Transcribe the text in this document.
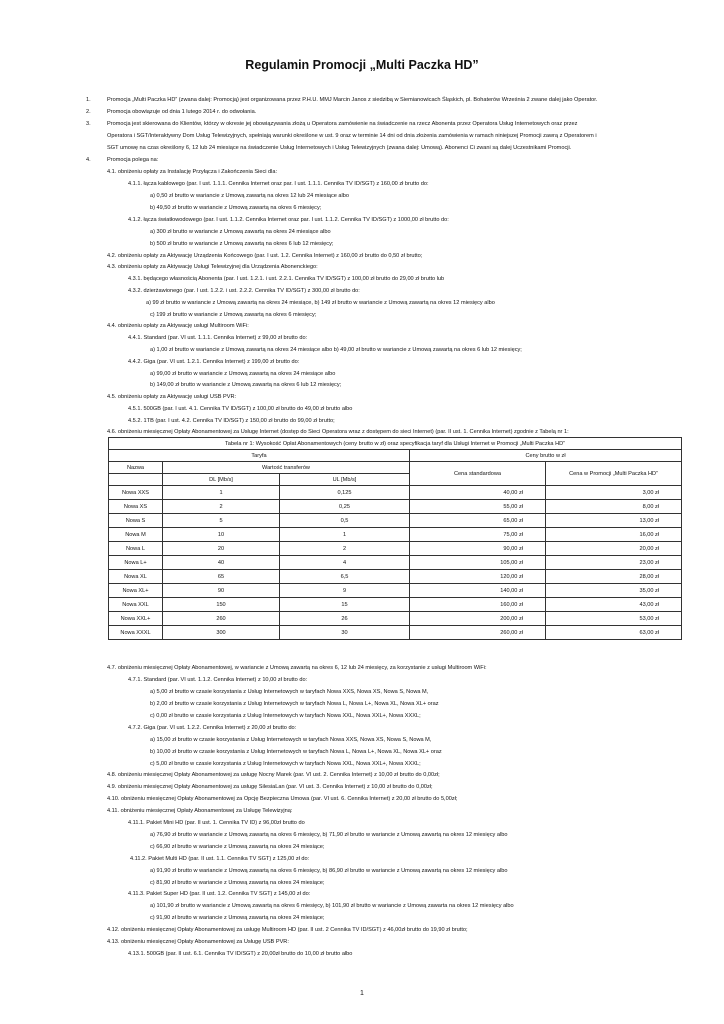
Regulamin Promocji „Multi Paczka HD”
1.	Promocja „Multi Paczka HD” (zwana dalej: Promocją) jest organizowana przez P.H.U. MMJ Marcin Janos z siedzibą w Siemianowicach Śląskich, pl. Bohaterów Września 2 zwane dalej jako Operator.
2.	Promocja obowiązuje od dnia 1 lutego 2014 r. do odwołania.
3.	Promocja jest skierowana do Klientów, którzy w okresie jej obowiązywania złożą u Operatora zamówienie na świadczenie na rzecz Abonenta przez Operatora Usług Internetowych oraz przez
Operatora i SGT/Interaktywny Dom Usług Telewizyjnych, spełniają warunki określone w ust. 9 oraz w terminie 14 dni od dnia złożenia zamówienia w ramach niniejszej Promocji zawrą z Operatorem i
SGT umowę na czas określony 6, 12 lub 24 miesiące na świadczenie Usług Internetowych i Usług Telewizyjnych (zwana dalej: Umową). Abonenci Ci zwani są dalej Uczestnikami Promocji.
4.	Promocja polega na:
4.1. obniżeniu opłaty za Instalację Przyłącza i Zakończenia Sieci dla:
4.1.1. łącza kablowego (par. I ust. 1.1.1. Cennika Internet oraz par. I ust. 1.1.1. Cennika TV ID/SGT) z 160,00 zł brutto do:
a) 0,50 zł brutto w wariancie z Umową zawartą na okres 12 lub 24 miesiące albo
b) 49,50 zł brutto w wariancie z Umową zawartą na okres 6 miesięcy;
4.1.2. łącza światłowodowego (par. I ust. 1.1.2. Cennika Internet oraz par. I ust. 1.1.2. Cennika TV ID/SGT) z 1000,00 zł brutto do:
a) 300 zł brutto w wariancie z Umową zawartą na okres 24 miesiące albo
b) 500 zł brutto w wariancie z Umową zawartą na okres 6 lub 12 miesięcy;
4.2. obniżeniu opłaty za Aktywację Urządzenia Końcowego (par. I ust. 1.2. Cennika Internet) z 160,00 zł brutto do 0,50 zł brutto;
4.3. obniżeniu opłaty za Aktywację Usługi Telewizyjnej dla Urządzenia Abonenckiego:
4.3.1. będącego własnością Abonenta (par. I ust. 1.2.1. i ust. 2.2.1. Cennika TV ID/SGT) z 100,00 zł brutto do 29,00 zł brutto lub
4.3.2. dzierżawionego (par. I ust. 1.2.2. i ust. 2.2.2. Cennika TV ID/SGT) z 300,00 zł brutto do:
a) 99 zł brutto w wariancie z Umową zawartą na okres 24 miesiące, b) 149 zł brutto w wariancie z Umową zawartą na okres 12 miesięcy albo
c) 199 zł brutto w wariancie z Umową zawartą na okres 6 miesięcy;
4.4. obniżeniu opłaty za Aktywację usługi Multiroom WiFi:
4.4.1. Standard (par. VI ust. 1.1.1. Cennika Internet) z 99,00 zł brutto do:
a) 1,00 zł brutto w wariancie z Umową zawartą na okres 24 miesiące albo b) 49,00 zł brutto w wariancie z Umową zawartą na okres 6 lub 12 miesięcy;
4.4.2. Giga (par. VI ust. 1.2.1. Cennika Internet) z 199,00 zł brutto do:
a) 99,00 zł brutto w wariancie z Umową zawartą na okres 24 miesiące albo
b) 149,00 zł brutto w wariancie z Umową zawartą na okres 6 lub 12 miesięcy;
4.5. obniżeniu opłaty za Aktywację usługi USB PVR:
4.5.1. 500GB (par. I ust. 4.1. Cennika TV ID/SGT) z 100,00 zł brutto do 49,00 zł brutto albo
4.5.2. 1TB (par. I ust. 4.2. Cennika TV ID/SGT) z 150,00 zł brutto do 99,00 zł brutto;
4.6. obniżeniu miesięcznej Opłaty Abonamentowej za Usługę Internet (dostęp do Sieci Operatora wraz z dostępem do sieci Internet) (par. II ust. 1. Cennika Internet) zgodnie z Tabelą nr 1:
Tabela nr 1: Wysokość Opłat Abonamentowych (ceny brutto w zł) oraz specyfikacja taryf dla Usługi Internet w Promocji „Multi Paczka HD”				
Taryfa			Ceny brutto w zł	
Nazwa	Wartość transferów		Cena standardowa	Cena w Promocji „Multi Paczka HD”
	DL [Mb/s]	UL [Mb/s]		

Nowa XXS	1	0,125	40,00 zł	3,00 zł
Nowa XS	2	0,25	55,00 zł	8,00 zł
Nowa S	5	0,5	65,00 zł	13,00 zł
Nowa M	10	1	75,00 zł	16,00 zł
Nowa L	20	2	90,00 zł	20,00 zł
Nowa L+	40	4	105,00 zł	23,00 zł
Nowa XL	65	6,5	120,00 zł	28,00 zł
Nowa XL+	90	9	140,00 zł	35,00 zł
Nowa XXL	150	15	160,00 zł	43,00 zł
Nowa XXL+	260	26	200,00 zł	53,00 zł
Nowa XXXL	300	30	260,00 zł	63,00 zł
4.7. obniżeniu miesięcznej Opłaty Abonamentowej, w wariancie z Umową zawartą na okres 6, 12 lub 24 miesięcy, za korzystanie z usługi Multiroom WiFi:
4.7.1. Standard (par. VI ust. 1.1.2. Cennika Internet) z 10,00 zł brutto do:
a) 5,00 zł brutto w czasie korzystania z Usług Internetowych w taryfach Nowa XXS, Nowa XS, Nowa S, Nowa M,
b) 2,00 zł brutto w czasie korzystania z Usług Internetowych w taryfach Nowa L, Nowa L+, Nowa XL, Nowa XL+ oraz
c) 0,00 zł brutto w czasie korzystania z Usług Internetowych w taryfach Nowa XXL, Nowa XXL+, Nowa XXXL;
4.7.2. Giga (par. VI ust. 1.2.2. Cennika Internet) z 20,00 zł brutto do:
a) 15,00 zł brutto w czasie korzystania z Usług Internetowych w taryfach Nowa XXS, Nowa XS, Nowa S, Nowa M,
b) 10,00 zł brutto w czasie korzystania z Usług Internetowych w taryfach Nowa L, Nowa L+, Nowa XL, Nowa XL+ oraz
c) 5,00 zł brutto w czasie korzystania z Usług Internetowych w taryfach Nowa XXL, Nowa XXL+, Nowa XXXL;
4.8. obniżeniu miesięcznej Opłaty Abonamentowej za usługę Nocny Marek (par. VI ust. 2. Cennika Internet) z 10,00 zł brutto do 0,00zł;
4.9. obniżeniu miesięcznej Opłaty Abonamentowej za usługę SilesiaLan (par. VI ust. 3. Cennika Internet) z 10,00 zł brutto do 0,00zł;
4.10. obniżeniu miesięcznej Opłaty Abonamentowej za Opcję Bezpieczna Umowa (par. VI ust. 6. Cennika Internet) z 20,00 zł brutto do 5,00zł;
4.11. obniżeniu miesięcznej Opłaty Abonamentowej za Usługę Telewizyjną:
4.11.1. Pakiet Mini HD (par. II ust. 1. Cennika TV ID) z 96,00zł brutto do
a) 76,90 zł brutto w wariancie z Umową zawartą na okres 6 miesięcy, b) 71,90 zł brutto w wariancie z Umową zawartą na okres 12 miesięcy albo
c) 66,90 zł brutto w wariancie z Umową zawartą na okres 24 miesiące;
4.11.2. Pakiet Multi HD (par. II ust. 1.1. Cennika TV SGT) z 125,00 zł do:
a) 91,90 zł brutto w wariancie z Umową zawartą na okres 6 miesięcy, b) 86,90 zł brutto w wariancie z Umową zawartą na okres 12 miesięcy albo
c) 81,90 zł brutto w wariancie z Umową zawartą na okres 24 miesiące;
4.11.3. Pakiet Super HD (par. II ust. 1.2. Cennika TV SGT) z 145,00 zł do:
a) 101,90 zł brutto w wariancie z Umową zawartą na okres 6 miesięcy, b) 101,90 zł brutto w wariancie z Umową zawarta na okres 12 miesięcy albo
c) 91,90 zł brutto w wariancie z Umową zawartą na okres 24 miesiące;
4.12. obniżeniu miesięcznej Opłaty Abonamentowej za usługę Multiroom HD (par. II ust. 2 Cennika TV ID/SGT) z 46,00zł brutto do 19,90 zł brutto;
4.13. obniżeniu miesięcznej Opłaty Abonamentowej za Usługę USB PVR:
4.13.1. 500GB (par. II ust. 6.1. Cennika TV ID/SGT) z 20,00zł brutto do 10,00 zł brutto albo
1
